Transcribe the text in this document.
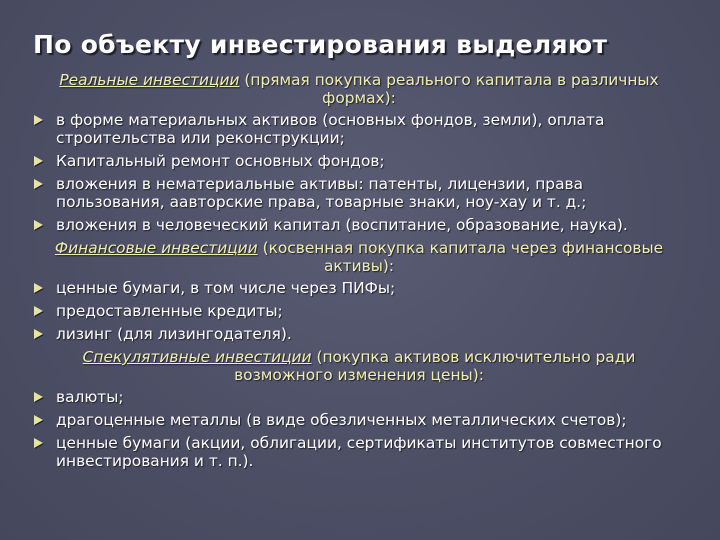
По объекту инвестирования выделяют
Реальные инвестиции (прямая покупка реального капитала в различных формах):
в форме материальных активов (основных фондов, земли), оплата строительства или реконструкции;
Капитальный ремонт основных фондов;
вложения в нематериальные активы: патенты, лицензии, права пользования, аавторские права, товарные знаки, ноу-хау и т. д.;
вложения в человеческий капитал (воспитание, образование, наука).
Финансовые инвестиции (косвенная покупка капитала через финансовые активы):
ценные бумаги, в том числе через ПИФы;
предоставленные кредиты;
лизинг (для лизингодателя).
Спекулятивные инвестиции (покупка активов исключительно ради возможного изменения цены):
валюты;
драгоценные металлы (в виде обезличенных металлических счетов);
ценные бумаги (акции, облигации, сертификаты институтов совместного инвестирования и т. п.).
